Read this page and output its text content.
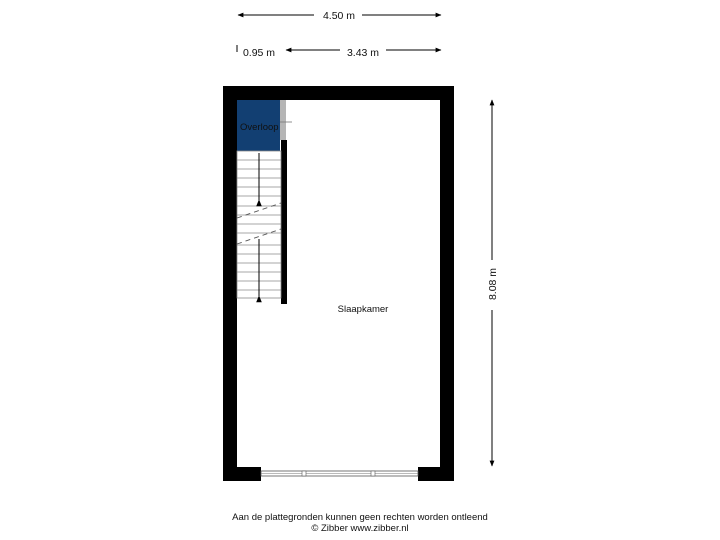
4.50 m
0.95 m	3.43 m
8.08 m
Overloop
Slaapkamer
Aan de plattegronden kunnen geen rechten worden ontleend
© Zibber www.zibber.nl
